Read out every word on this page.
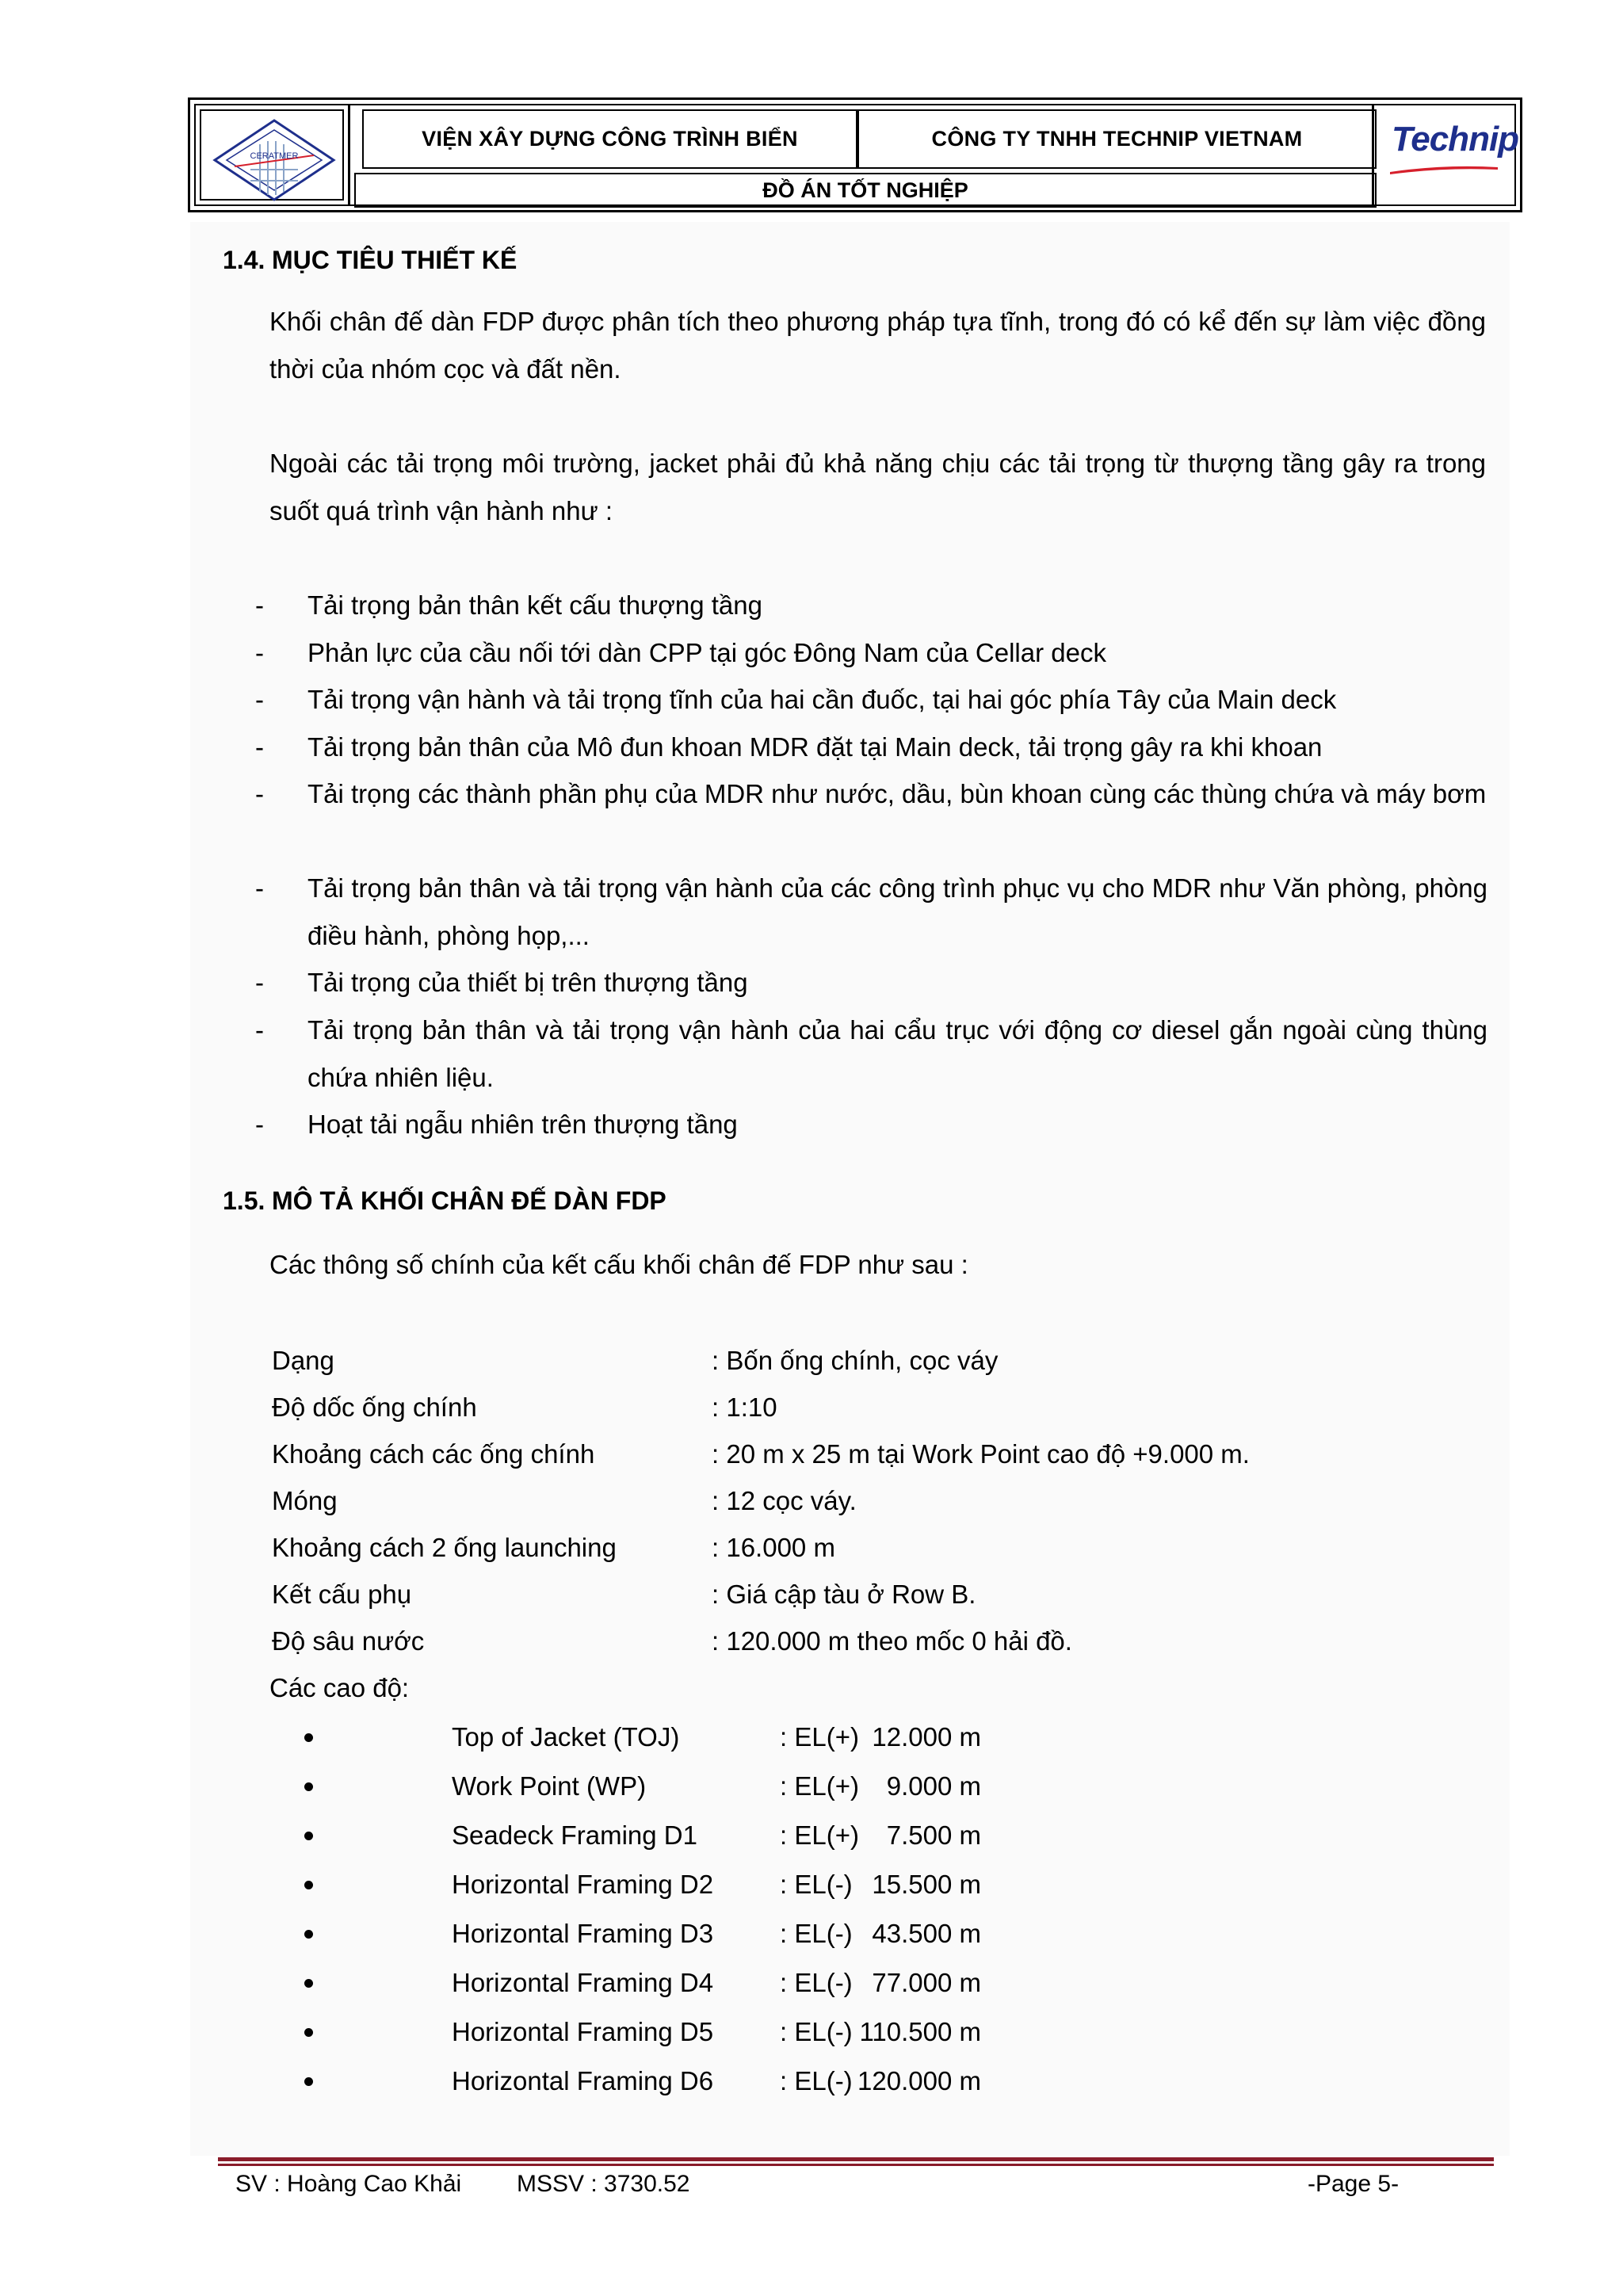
CERATMER
VIỆN XÂY DỰNG CÔNG TRÌNH BIỂN	CÔNG TY TNHH TECHNIP VIETNAM
ĐỒ ÁN TỐT NGHIỆP
Technip
1.4. MỤC TIÊU THIẾT KẾ
Khối chân đế dàn FDP được phân tích theo phương pháp tựa tĩnh, trong đó có kể đến sự làm việc đồng thời của nhóm cọc và đất nền.
Ngoài các tải trọng môi trường, jacket phải đủ khả năng chịu các tải trọng từ thượng tầng gây ra trong suốt quá trình vận hành như :
- Tải trọng bản thân kết cấu thượng tầng
- Phản lực của cầu nối tới dàn CPP tại góc Đông Nam của Cellar deck
- Tải trọng vận hành và tải trọng tĩnh của hai cần đuốc, tại hai góc phía Tây của Main deck
- Tải trọng bản thân của Mô đun khoan MDR đặt tại Main deck, tải trọng gây ra khi khoan
- Tải trọng các thành phần phụ của MDR như nước, dầu, bùn khoan cùng các thùng chứa và máy bơm
- Tải trọng bản thân và tải trọng vận hành của các công trình phục vụ cho MDR như Văn phòng, phòng điều hành, phòng họp,...
- Tải trọng của thiết bị trên thượng tầng
- Tải trọng bản thân và tải trọng vận hành của hai cẩu trục với động cơ diesel gắn ngoài cùng thùng chứa nhiên liệu.
- Hoạt tải ngẫu nhiên trên thượng tầng
1.5. MÔ TẢ KHỐI CHÂN ĐẾ DÀN FDP
Các thông số chính của kết cấu khối chân đế FDP như sau :
Dạng	: Bốn ống chính, cọc váy
Độ dốc ống chính	: 1:10
Khoảng cách các ống chính	: 20 m x 25 m tại Work Point cao độ +9.000 m.
Móng	: 12 cọc váy.
Khoảng cách 2 ống launching	: 16.000 m
Kết cấu phụ	: Giá cập tàu ở Row B.
Độ sâu nước	: 120.000 m theo mốc 0 hải đồ.
Các cao độ:
Top of Jacket (TOJ)	: EL(+) 12.000 m
Work Point (WP)	: EL(+)	9.000 m
Seadeck Framing D1	: EL(+)	7.500 m
Horizontal Framing D2	: EL(-) 15.500 m
Horizontal Framing D3	: EL(-) 43.500 m
Horizontal Framing D4	: EL(-) 77.000 m
Horizontal Framing D5	: EL(-) 110.500 m
Horizontal Framing D6	: EL(-) 120.000 m
SV : Hoàng Cao Khải MSSV : 3730.52	-Page 5-
